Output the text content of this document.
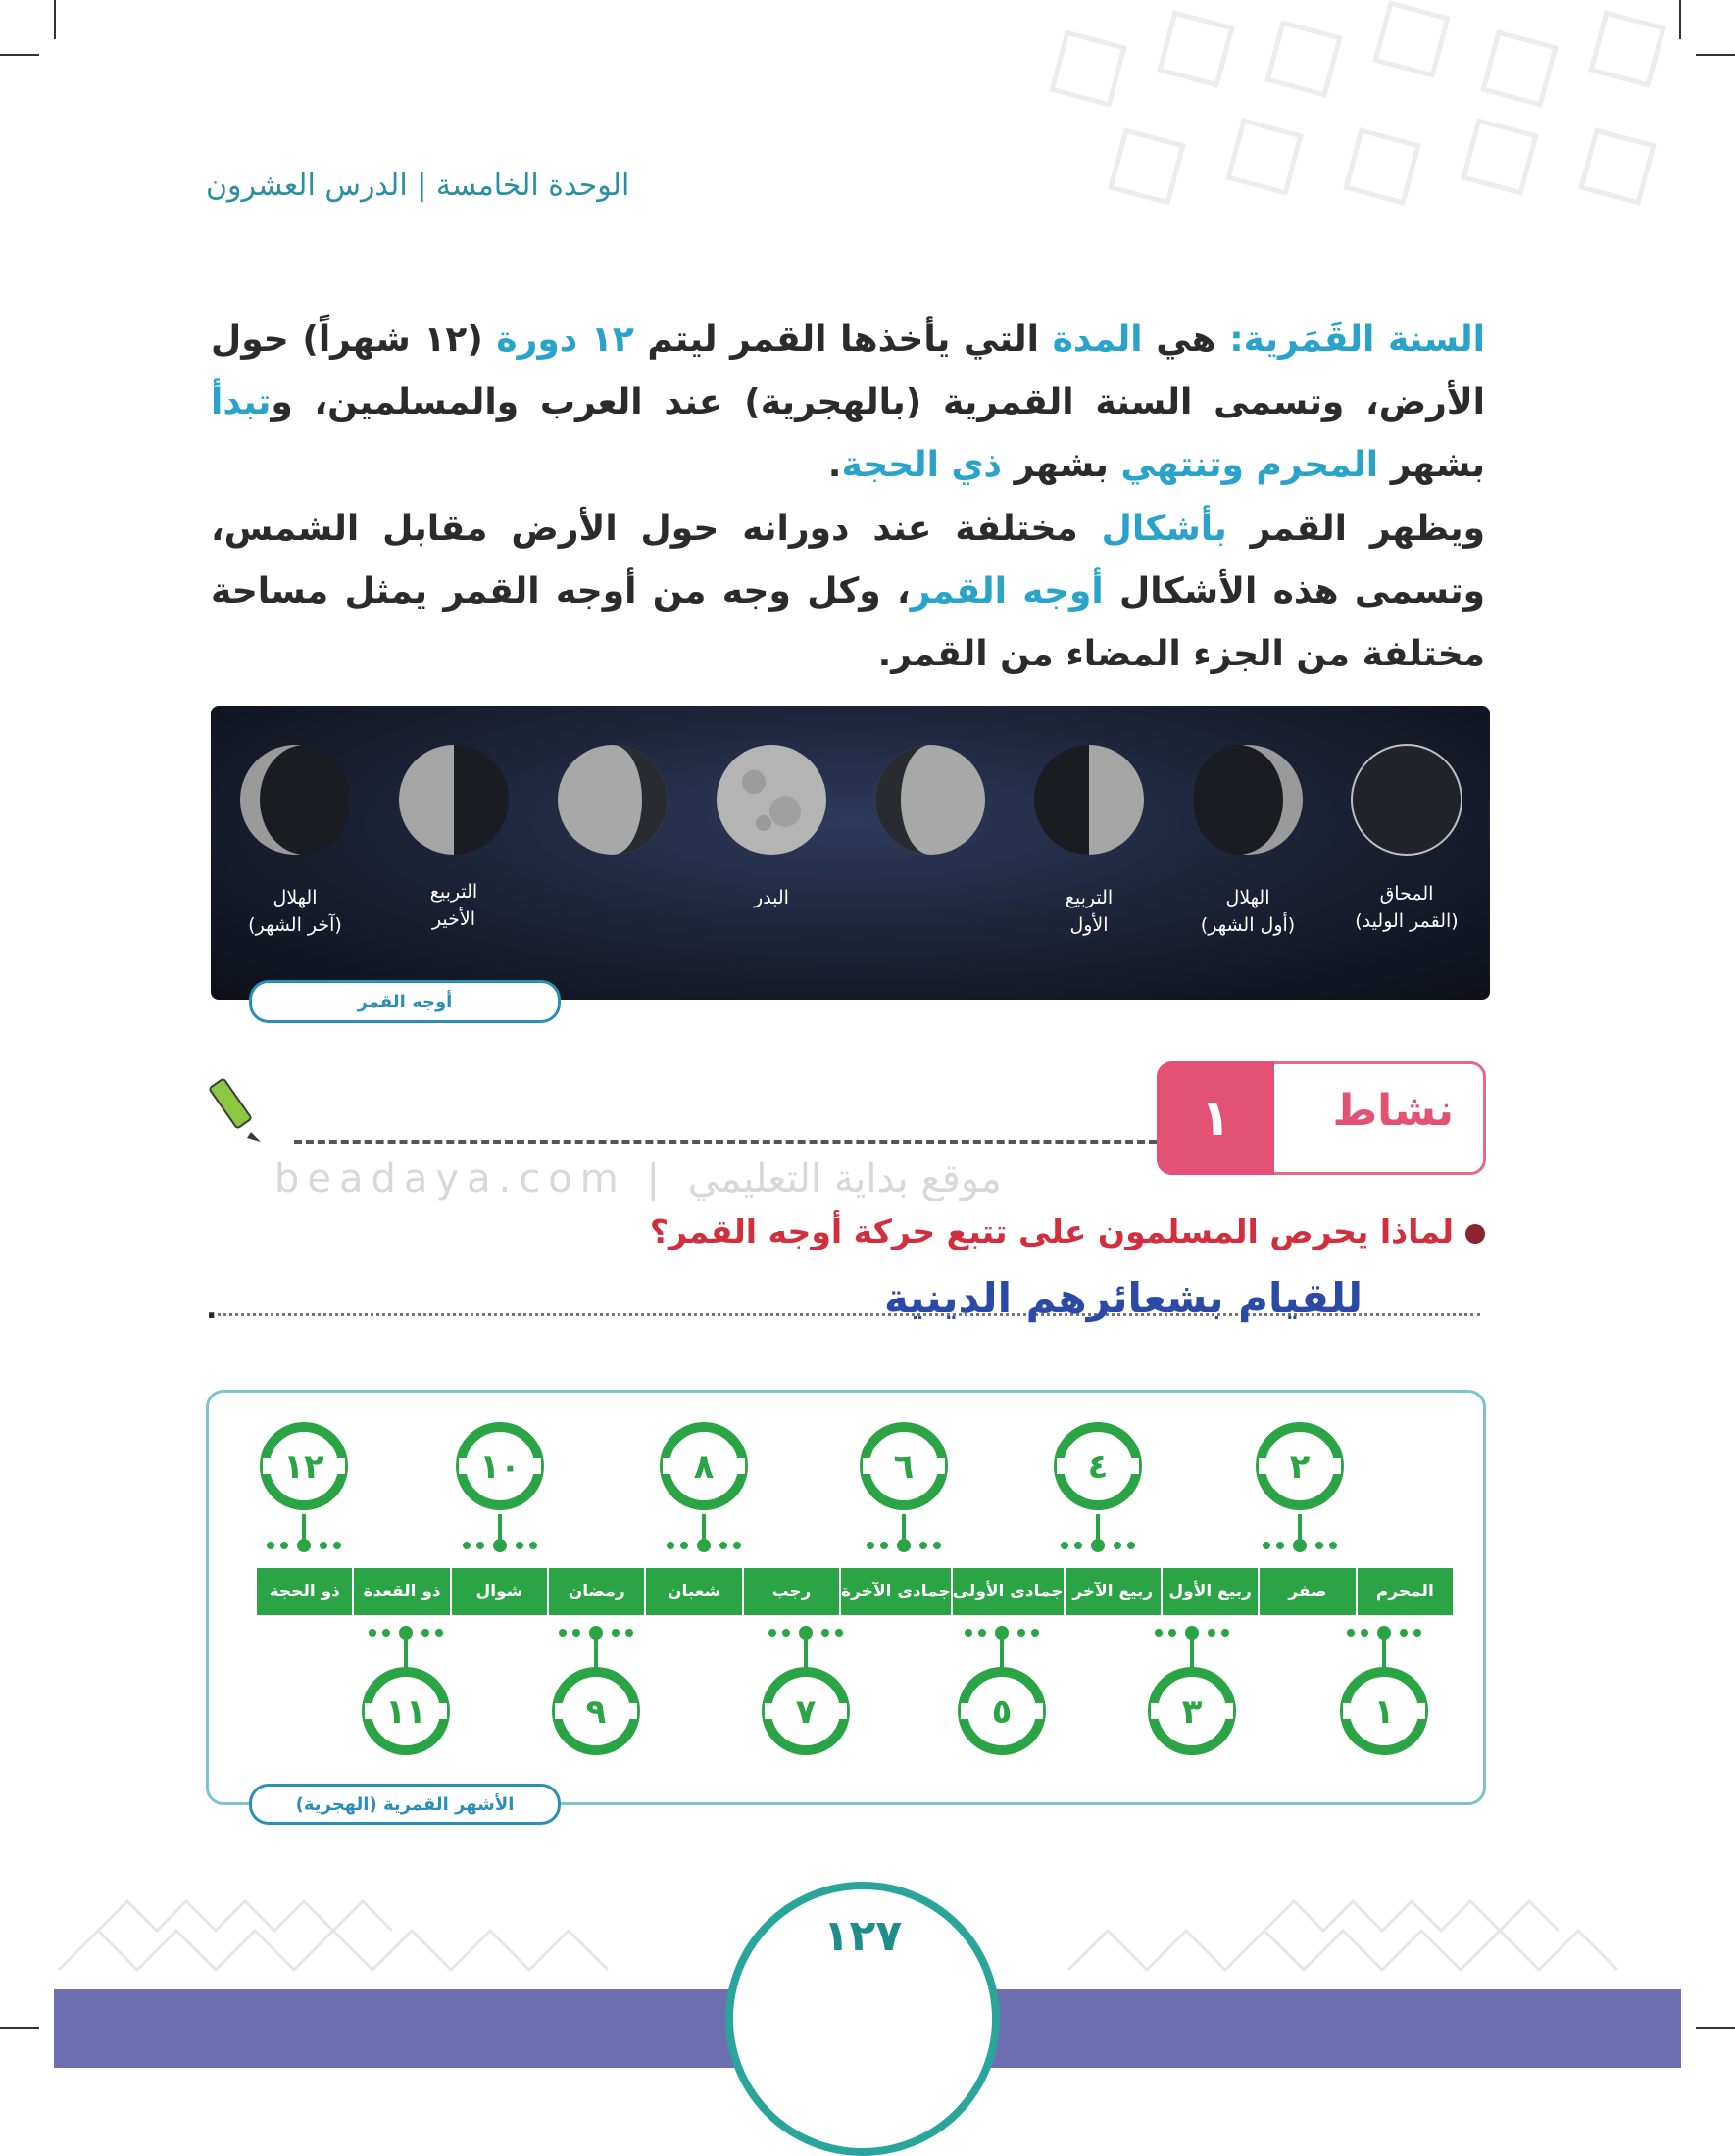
الوحدة الخامسة | الدرس العشرون
السنة القَمَرية: هي المدة التي يأخذها القمر ليتم ١٢ دورة (١٢ شهراً) حول الأرض، وتسمى السنة القمرية (بالهجرية) عند العرب والمسلمين، وتبدأ بشهر المحرم وتنتهي بشهر ذي الحجة.
ويظهر القمر بأشكال مختلفة عند دورانه حول الأرض مقابل الشمس، وتسمى هذه الأشكال أوجه القمر، وكل وجه من أوجه القمر يمثل مساحة مختلفة من الجزء المضاء من القمر.
المحاق
(القمر الوليد)
الهلال
(أول الشهر)
التربيع
الأول
البدر
التربيع
الأخير
الهلال
(آخر الشهر)
أوجه القمر
beadaya.com | موقع بداية التعليمي
١	نشاط
لماذا يحرص المسلمون على تتبع حركة أوجه القمر؟
للقيام بشعائرهم الدينية
.
المحرم
صفر
ربيع الأول
ربيع الآخر
جمادى الأولى
جمادى الآخرة
رجب
شعبان
رمضان
شوال
ذو القعدة
ذو الحجة
٢
٤
٦
٨
١٠
١٢
١
٣
٥
٧
٩
١١
الأشهر القمرية (الهجرية)
١٢٧
